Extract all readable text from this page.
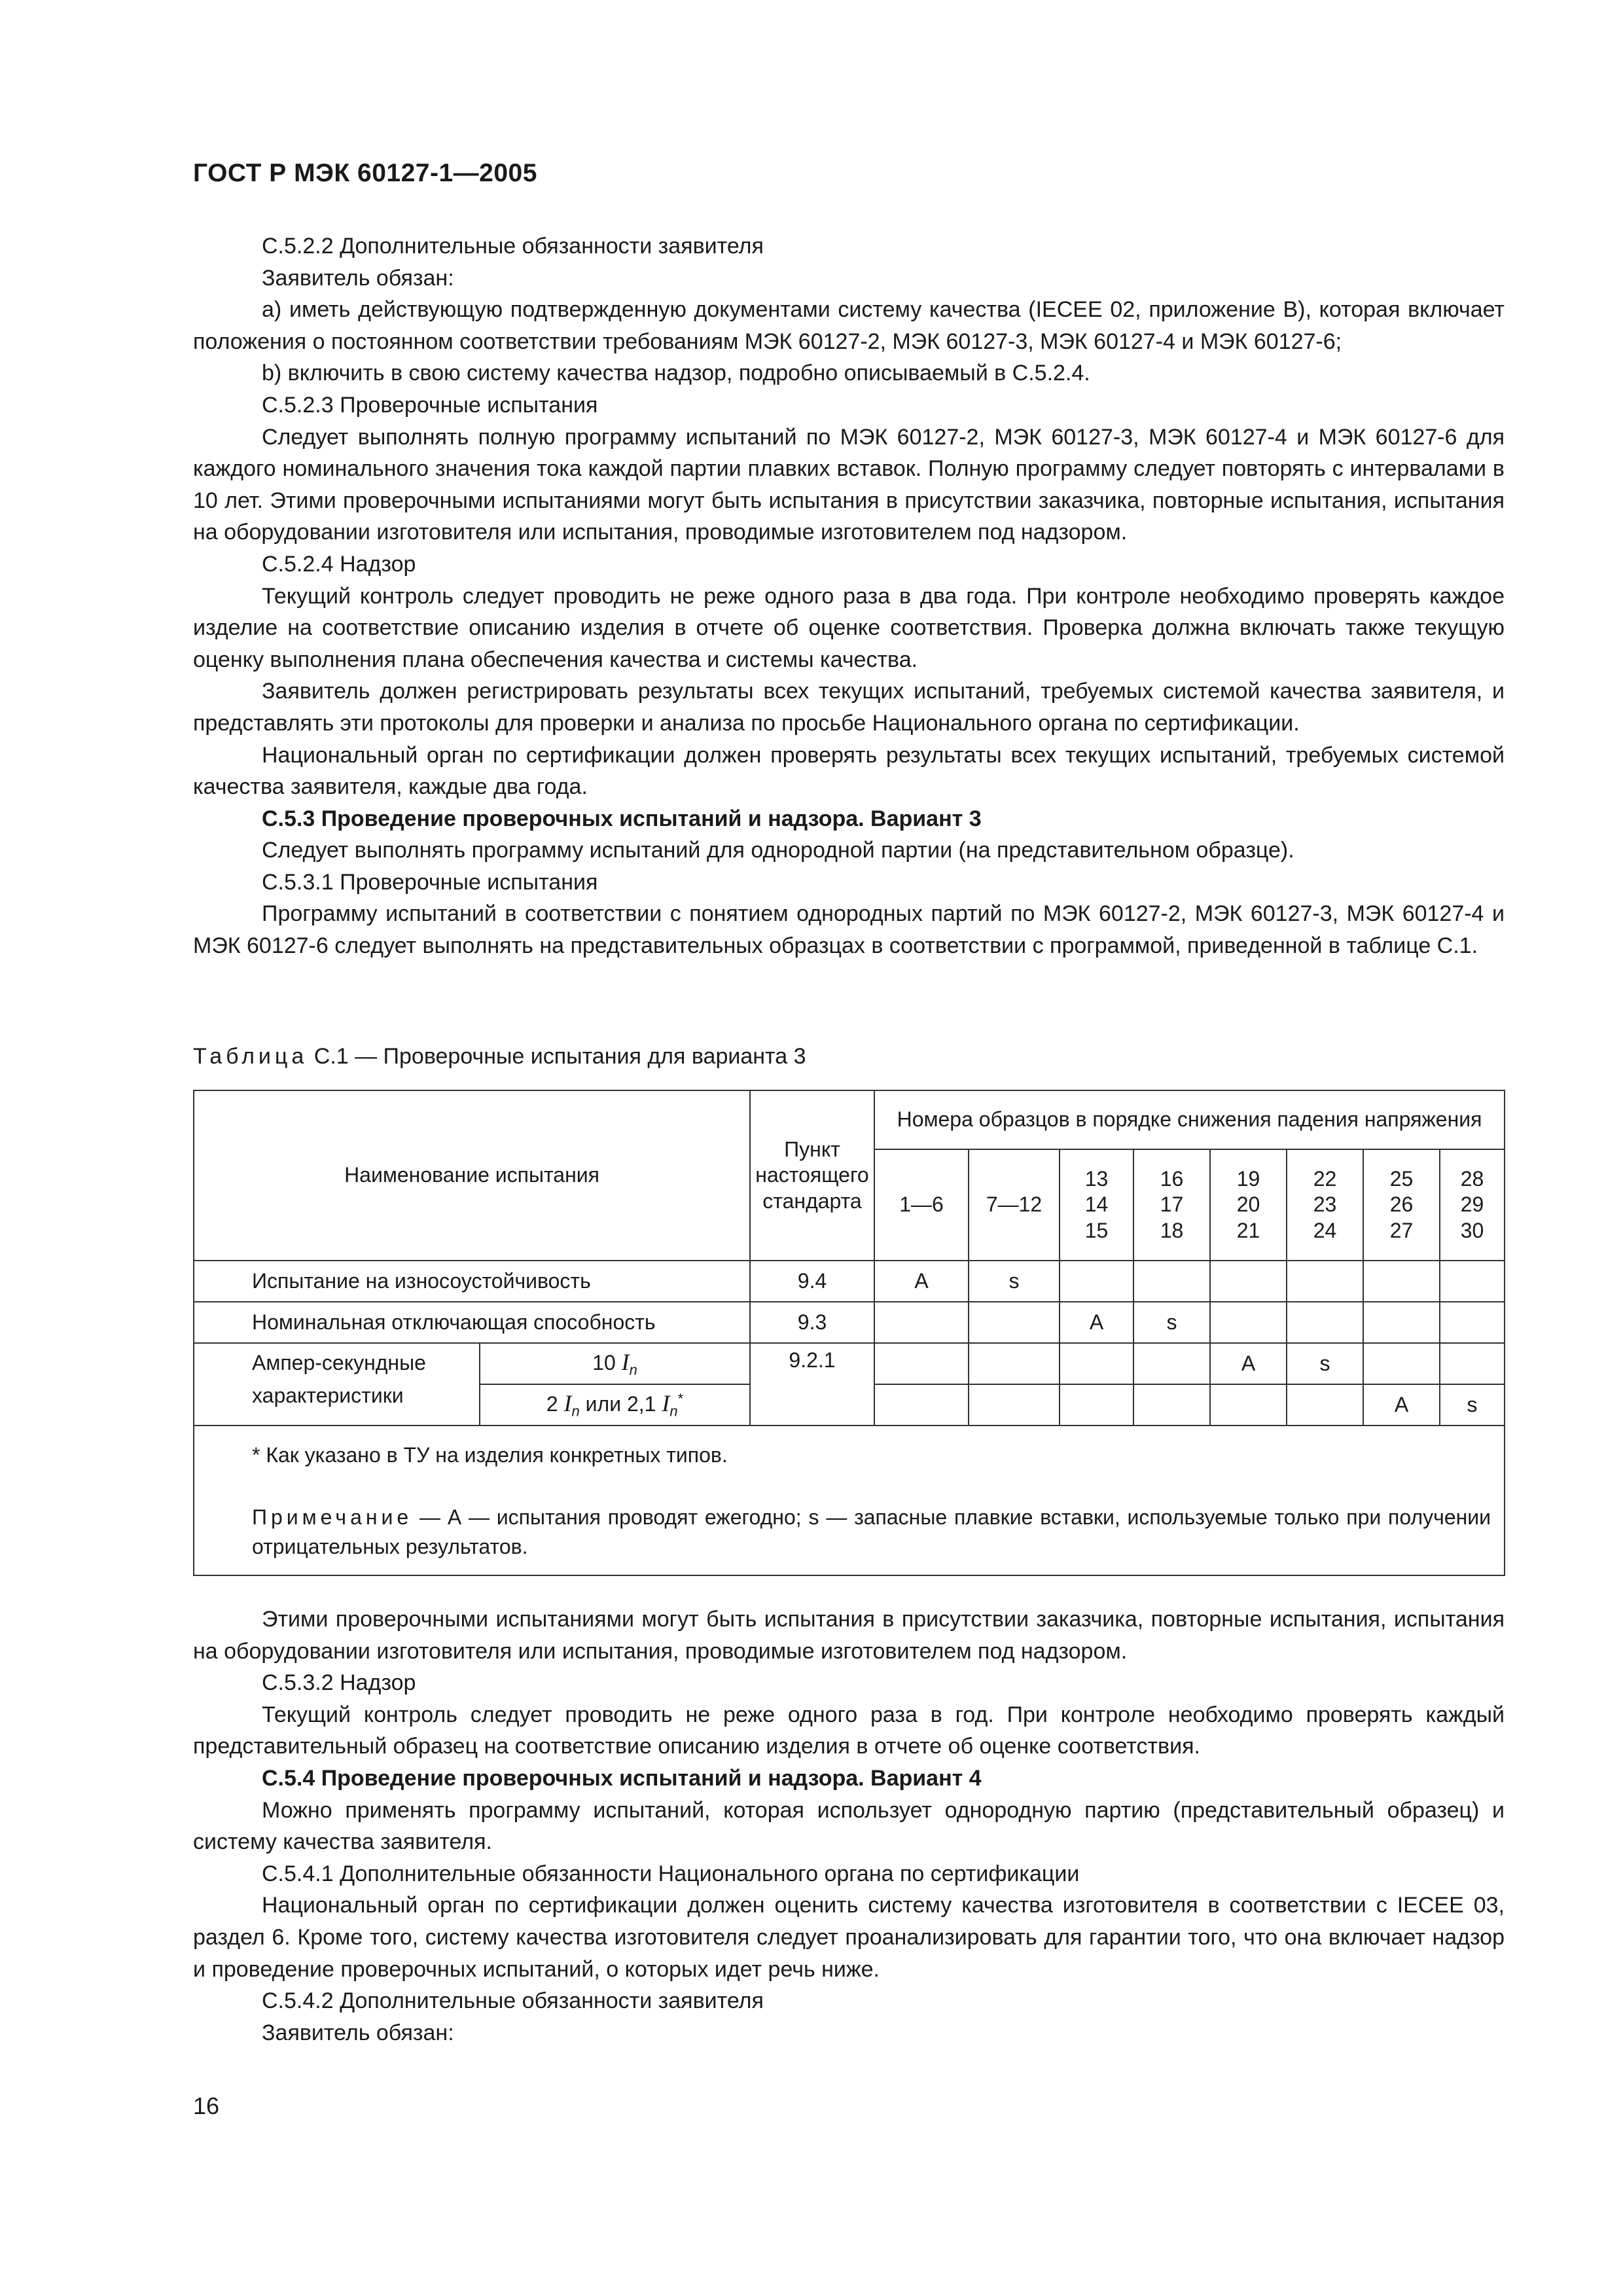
ГОСТ Р МЭК 60127-1—2005

С.5.2.2 Дополнительные обязанности заявителя

Заявитель обязан:

а) иметь действующую подтвержденную документами систему качества (IECEE 02, приложение В), которая включает положения о постоянном соответствии требованиям МЭК 60127-2, МЭК 60127-3, МЭК 60127-4 и МЭК 60127-6;

b) включить в свою систему качества надзор, подробно описываемый в С.5.2.4.

С.5.2.3 Проверочные испытания

Следует выполнять полную программу испытаний по МЭК 60127-2, МЭК 60127-3, МЭК 60127-4 и МЭК 60127-6 для каждого номинального значения тока каждой партии плавких вставок. Полную программу следует повторять с интервалами в 10 лет. Этими проверочными испытаниями могут быть испытания в присутствии заказчика, повторные испытания, испытания на оборудовании изготовителя или испытания, проводимые изготовителем под надзором.

С.5.2.4 Надзор

Текущий контроль следует проводить не реже одного раза в два года. При контроле необходимо проверять каждое изделие на соответствие описанию изделия в отчете об оценке соответствия. Проверка должна включать также текущую оценку выполнения плана обеспечения качества и системы качества.

Заявитель должен регистрировать результаты всех текущих испытаний, требуемых системой качества заявителя, и представлять эти протоколы для проверки и анализа по просьбе Национального органа по сертификации.

Национальный орган по сертификации должен проверять результаты всех текущих испытаний, требуемых системой качества заявителя, каждые два года.

С.5.3 Проведение проверочных испытаний и надзора. Вариант 3

Следует выполнять программу испытаний для однородной партии (на представительном образце).

С.5.3.1 Проверочные испытания

Программу испытаний в соответствии с понятием однородных партий по МЭК 60127-2, МЭК 60127-3, МЭК 60127-4 и МЭК 60127-6 следует выполнять на представительных образцах в соответствии с программой, приведенной в таблице С.1.

Таблица С.1 — Проверочные испытания для варианта 3
Наименование испытания		Пункт настоящего стандарта	Номера образцов в порядке снижения падения напряжения							
			1—6	7—12	13
14
15	16
17
18	19
20
21	22
23
24	25
26
27	28
29
30
Испытание на износоустойчивость		9.4	A	s						
Номинальная отключающая способность		9.3			A	s				
Ампер-секундные характеристики	10 $I_n$	9.2.1					A	s		
	2 $I_n$ или 2,1 $I_n^*$								A	s

* Как указано в ТУ на изделия конкретных типов.

Примечание — А — испытания проводят ежегодно; s — запасные плавкие вставки, используемые только при получении отрицательных результатов.										

Этими проверочными испытаниями могут быть испытания в присутствии заказчика, повторные испытания, испытания на оборудовании изготовителя или испытания, проводимые изготовителем под надзором.

С.5.3.2 Надзор

Текущий контроль следует проводить не реже одного раза в год. При контроле необходимо проверять каждый представительный образец на соответствие описанию изделия в отчете об оценке соответствия.

С.5.4 Проведение проверочных испытаний и надзора. Вариант 4

Можно применять программу испытаний, которая использует однородную партию (представительный образец) и систему качества заявителя.

С.5.4.1 Дополнительные обязанности Национального органа по сертификации

Национальный орган по сертификации должен оценить систему качества изготовителя в соответствии с IECEE 03, раздел 6. Кроме того, систему качества изготовителя следует проанализировать для гарантии того, что она включает надзор и проведение проверочных испытаний, о которых идет речь ниже.

С.5.4.2 Дополнительные обязанности заявителя

Заявитель обязан:

16
